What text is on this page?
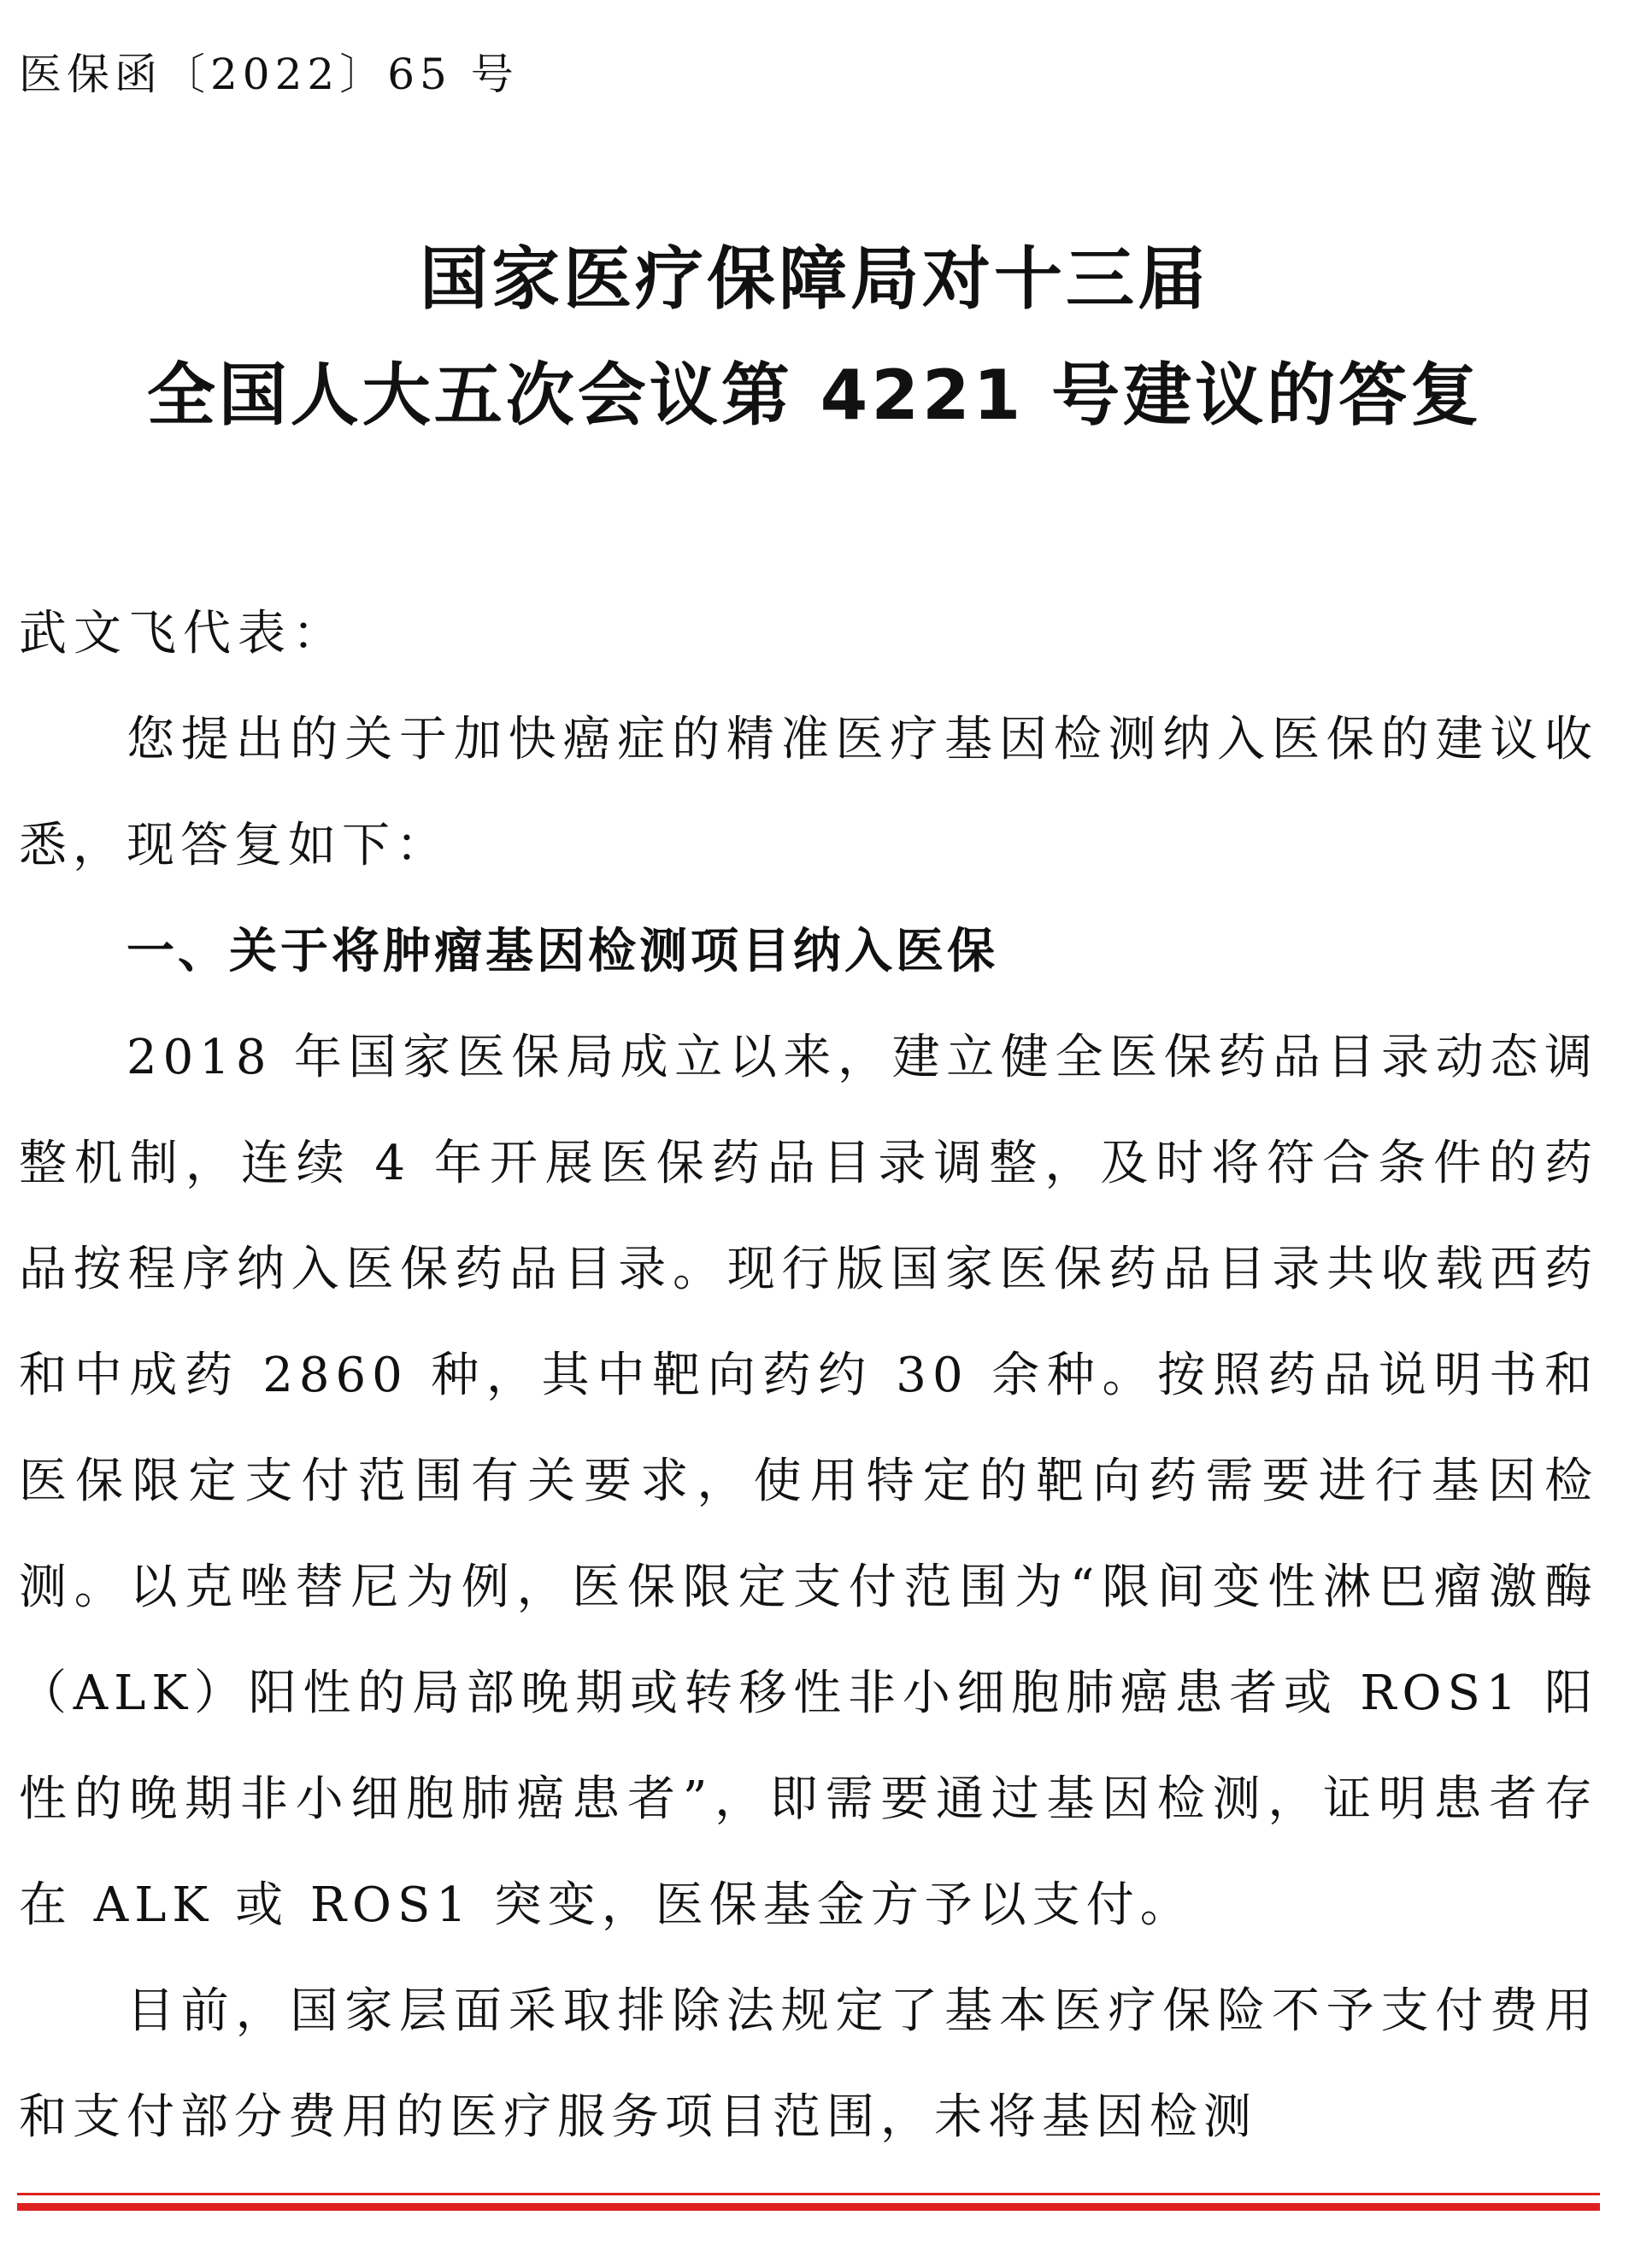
医保函〔2022〕65 号
国家医疗保障局对十三届
全国人大五次会议第 4221 号建议的答复
武文飞代表：
您提出的关于加快癌症的精准医疗基因检测纳入医保的建议收悉，现答复如下：
一、关于将肿瘤基因检测项目纳入医保
2018 年国家医保局成立以来，建立健全医保药品目录动态调整机制，连续 4 年开展医保药品目录调整，及时将符合条件的药品按程序纳入医保药品目录。现行版国家医保药品目录共收载西药和中成药 2860 种，其中靶向药约 30 余种。按照药品说明书和医保限定支付范围有关要求，使用特定的靶向药需要进行基因检测。以克唑替尼为例，医保限定支付范围为“限间变性淋巴瘤激酶（ALK）阳性的局部晚期或转移性非小细胞肺癌患者或 ROS1 阳性的晚期非小细胞肺癌患者”，即需要通过基因检测，证明患者存在 ALK 或 ROS1 突变，医保基金方予以支付。
目前，国家层面采取排除法规定了基本医疗保险不予支付费用和支付部分费用的医疗服务项目范围，未将基因检测
